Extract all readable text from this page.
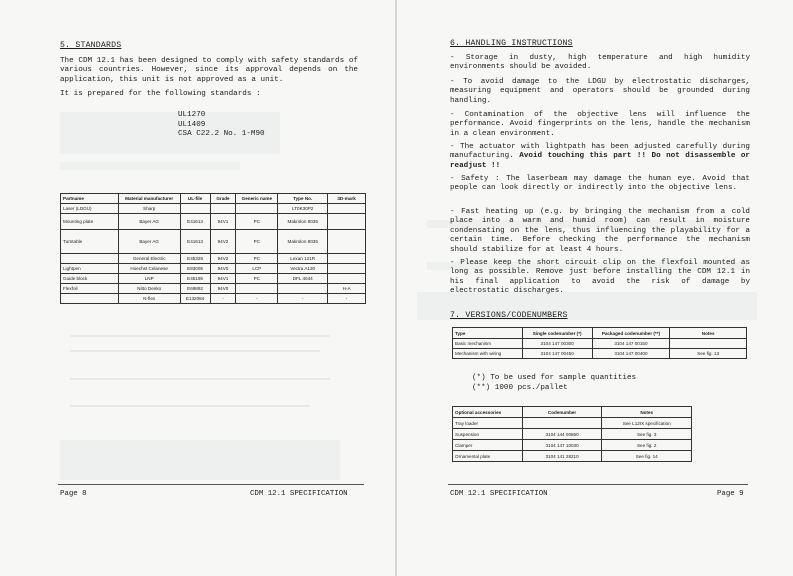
5. STANDARDS
The CDM 12.1 has been designed to comply with safety standards of various countries. However, since its approval depends on the application, this unit is not approved as a unit.
It is prepared for the following standards :
UL1270
UL1409
CSA C22.2 No. 1-M90
Partname	Material manufacturer	UL-file	Grade	Generic name	Type No.	3D-mark
Laser (LDGU)	Sharp				LT0K30P2	
Mounting plate	Bayer AG	E41613	94V1	PC	Makrolon 8035	
Turntable	Bayer AG	E41613	94V2	PC	Makrolon 8035	
	General Electric	E45329	94V2	PC	Lexan 121R	
Lightpen	Hoechst Celanese	E83005	94V0	LCP	Vectra A130	
Guide block	LNP	E45195	94V1	PC	DFL 4044	
Flexfoil	Nitto Denko	E69892	94V0			H-A
	N-flex	E132084	-	-	-	-
Page 8	CDM 12.1 SPECIFICATION
6. HANDLING INSTRUCTIONS
- Storage in dusty, high temperature and high humidity environments should be avoided.
- To avoid damage to the LDGU by electrostatic discharges, measuring equipment and operators should be grounded during handling.
- Contamination of the objective lens will influence the performance. Avoid fingerprints on the lens, handle the mechanism in a clean environment.
- The actuator with lightpath has been adjusted carefully during manufacturing. Avoid touching this part !! Do not disassemble or readjust !!
- Safety : The laserbeam may damage the human eye. Avoid that people can look directly or indirectly into the objective lens.
- Fast heating up (e.g. by bringing the mechanism from a cold place into a warm and humid room) can result in moisture condensating on the lens, thus influencing the playability for a certain time. Before checking the performance the mechanism should stabilize for at least 4 hours.
- Please keep the short circuit clip on the flexfoil mounted as long as possible. Remove just before installing the CDM 12.1 in his final application to avoid the risk of damage by electrostatic discharges.
7. VERSIONS/CODENUMBERS
Type	Single codenumber (*)	Packaged codenumber (**)	Notes
Basic mechanism	3104 147 00300	3104 147 00150	
Mechanism with wiring	3104 147 00450	3104 147 00400	See fig. 13
(*) To be used for sample quantities
(**) 1000 pcs./pallet
Optional accessories	Codenumber	Notes
Tray loader		See L12IX specification
Suspension	3104 144 00850	See fig. 3
Clamper	3104 147 10030	See fig. 2
Ornamental plate	3104 141 28210	See fig. 14
CDM 12.1 SPECIFICATION	Page 9
